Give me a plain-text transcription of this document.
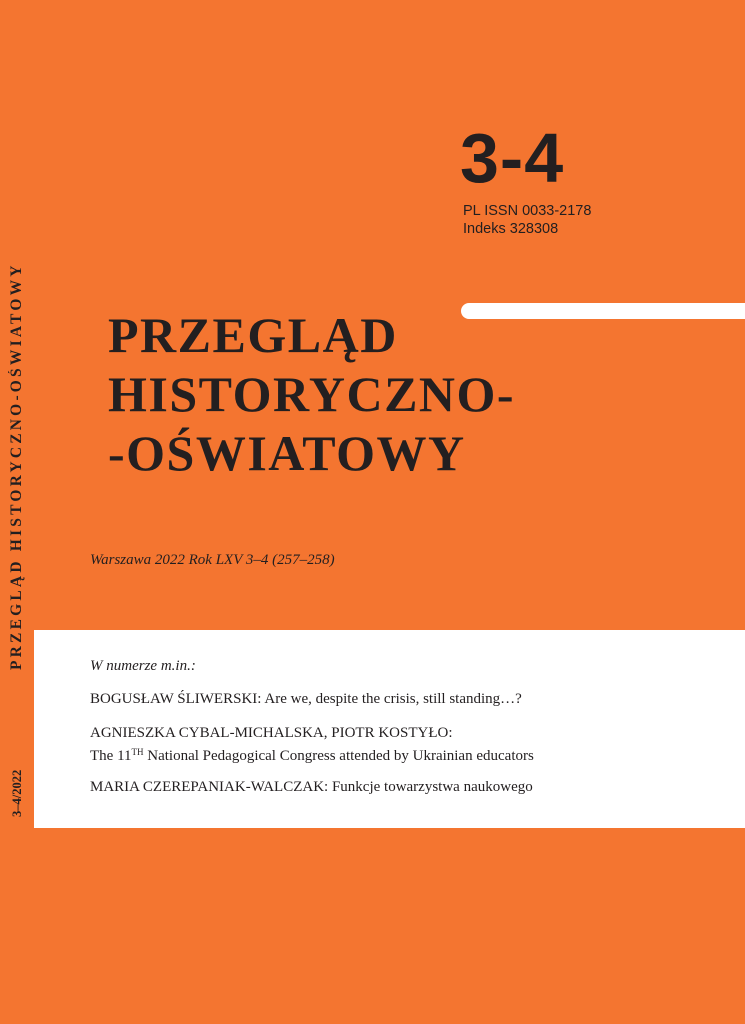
PRZEGLĄD HISTORYCZNO-OŚWIATOWY
3–4/2022
3-4
PL ISSN 0033-2178
Indeks 328308
PRZEGLĄD
HISTORYCZNO-
-OŚWIATOWY
Warszawa 2022 Rok LXV 3–4 (257–258)
W numerze m.in.:
BOGUSŁAW ŚLIWERSKI: Are we, despite the crisis, still standing…?
AGNIESZKA CYBAL-MICHALSKA, PIOTR KOSTYŁO:
The 11TH National Pedagogical Congress attended by Ukrainian educators
MARIA CZEREPANIAK-WALCZAK: Funkcje towarzystwa naukowego
